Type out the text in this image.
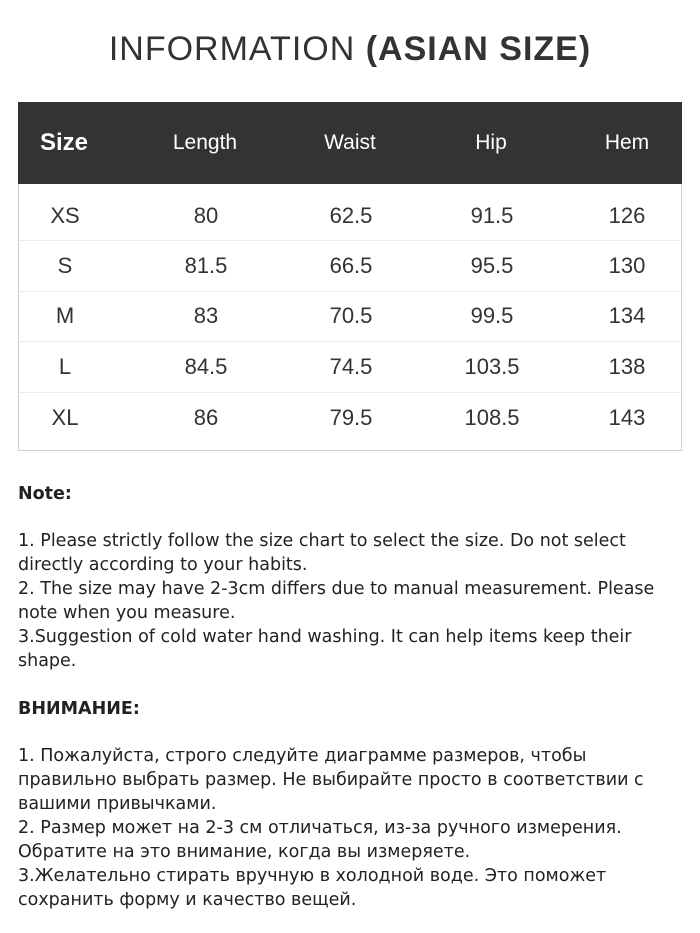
INFORMATION (ASIAN SIZE)
Size	Length	Waist	Hip	Hem
XS	80	62.5	91.5	126
S	81.5	66.5	95.5	130
M	83	70.5	99.5	134
L	84.5	74.5	103.5	138
XL	86	79.5	108.5	143

Note:

1. Please strictly follow the size chart to select the size. Do not select directly according to your habits.

2. The size may have 2-3cm differs due to manual measurement. Please note when you measure.

3.Suggestion of cold water hand washing. It can help items keep their shape.

ВНИМАНИЕ:

1. Пожалуйста, строго следуйте диаграмме размеров, чтобы правильно выбрать размер. Не выбирайте просто в соответствии с вашими привычками.

2. Размер может на 2-3 см отличаться, из-за ручного измерения. Обратите на это внимание, когда вы измеряете.

3.Желательно стирать вручную в холодной воде. Это поможет сохранить форму и качество вещей.
